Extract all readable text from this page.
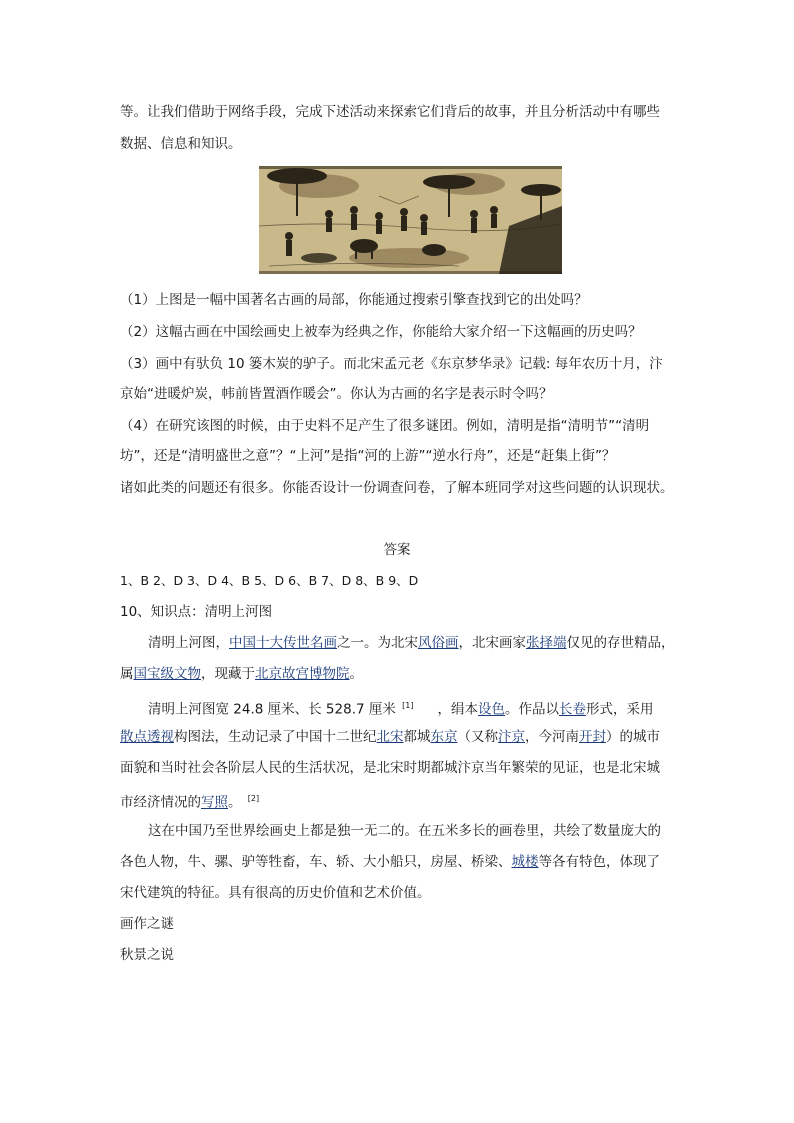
等。让我们借助于网络手段，完成下述活动来探索它们背后的故事，并且分析活动中有哪些
数据、信息和知识。
（1）上图是一幅中国著名古画的局部，你能通过搜索引擎查找到它的出处吗？
（2）这幅古画在中国绘画史上被奉为经典之作，你能给大家介绍一下这幅画的历史吗？
（3）画中有驮负 10 篓木炭的驴子。而北宋孟元老《东京梦华录》记载: 每年农历十月，汴
京始“进暖炉炭，帏前皆置酒作暖会”。你认为古画的名字是表示时令吗？
（4）在研究该图的时候，由于史料不足产生了很多谜团。例如，清明是指“清明节”“清明
坊”，还是“清明盛世之意”？“上河”是指“河的上游”“逆水行舟”，还是“赶集上街”？
诸如此类的问题还有很多。你能否设计一份调查问卷，了解本班同学对这些问题的认识现状。
答案
1、B 2、D 3、D 4、B 5、D 6、B 7、D 8、B 9、D
10、知识点：清明上河图
清明上河图，中国十大传世名画之一。为北宋风俗画，北宋画家张择端仅见的存世精品，
属国宝级文物，现藏于北京故宫博物院。
清明上河图宽 24.8 厘米、长 528.7 厘米 [1] ，绢本设色。作品以长卷形式，采用
散点透视构图法，生动记录了中国十二世纪北宋都城东京（又称汴京，今河南开封）的城市
面貌和当时社会各阶层人民的生活状况，是北宋时期都城汴京当年繁荣的见证，也是北宋城
市经济情况的写照。 [2]
这在中国乃至世界绘画史上都是独一无二的。在五米多长的画卷里，共绘了数量庞大的
各色人物，牛、骡、驴等牲畜，车、轿、大小船只，房屋、桥梁、城楼等各有特色，体现了
宋代建筑的特征。具有很高的历史价值和艺术价值。
画作之谜
秋景之说
